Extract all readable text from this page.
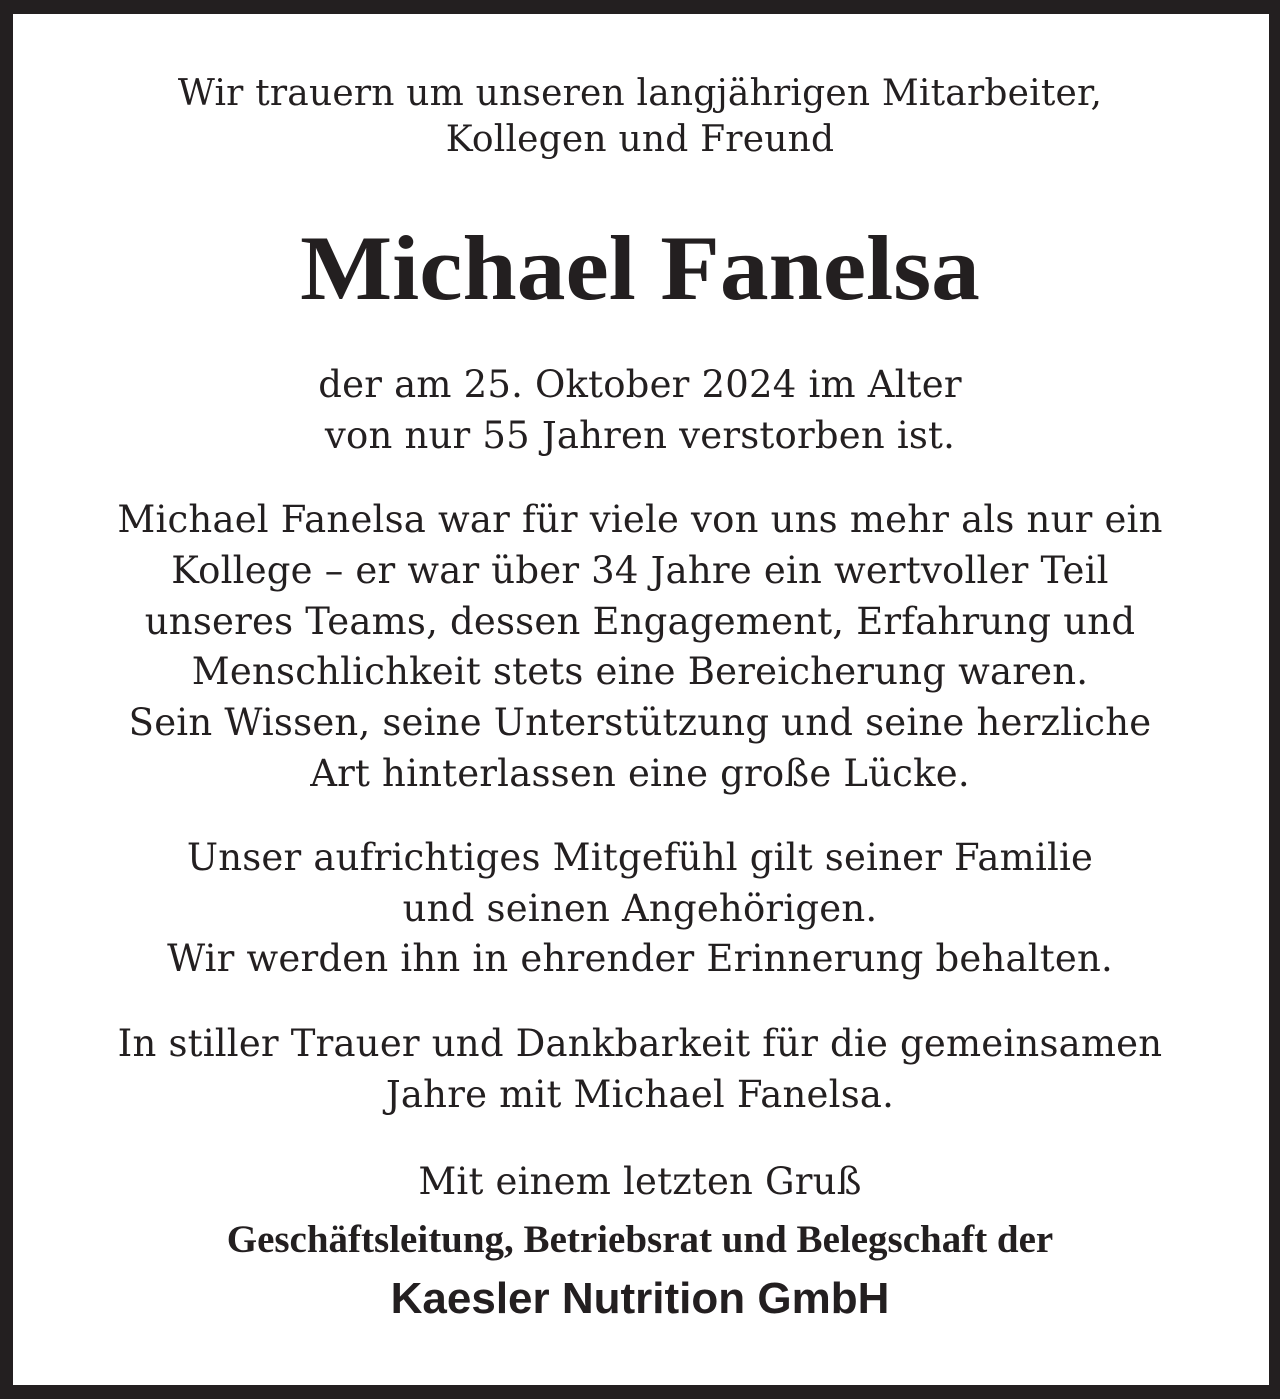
Wir trauern um unseren langjährigen Mitarbeiter,
Kollegen und Freund
Michael Fanelsa
der am 25. Oktober 2024 im Alter
von nur 55 Jahren verstorben ist.
Michael Fanelsa war für viele von uns mehr als nur ein
Kollege – er war über 34 Jahre ein wertvoller Teil
unseres Teams, dessen Engagement, Erfahrung und
Menschlichkeit stets eine Bereicherung waren.
Sein Wissen, seine Unterstützung und seine herzliche
Art hinterlassen eine große Lücke.
Unser aufrichtiges Mitgefühl gilt seiner Familie
und seinen Angehörigen.
Wir werden ihn in ehrender Erinnerung behalten.
In stiller Trauer und Dankbarkeit für die gemeinsamen
Jahre mit Michael Fanelsa.
Mit einem letzten Gruß
Geschäftsleitung, Betriebsrat und Belegschaft der
Kaesler Nutrition GmbH
